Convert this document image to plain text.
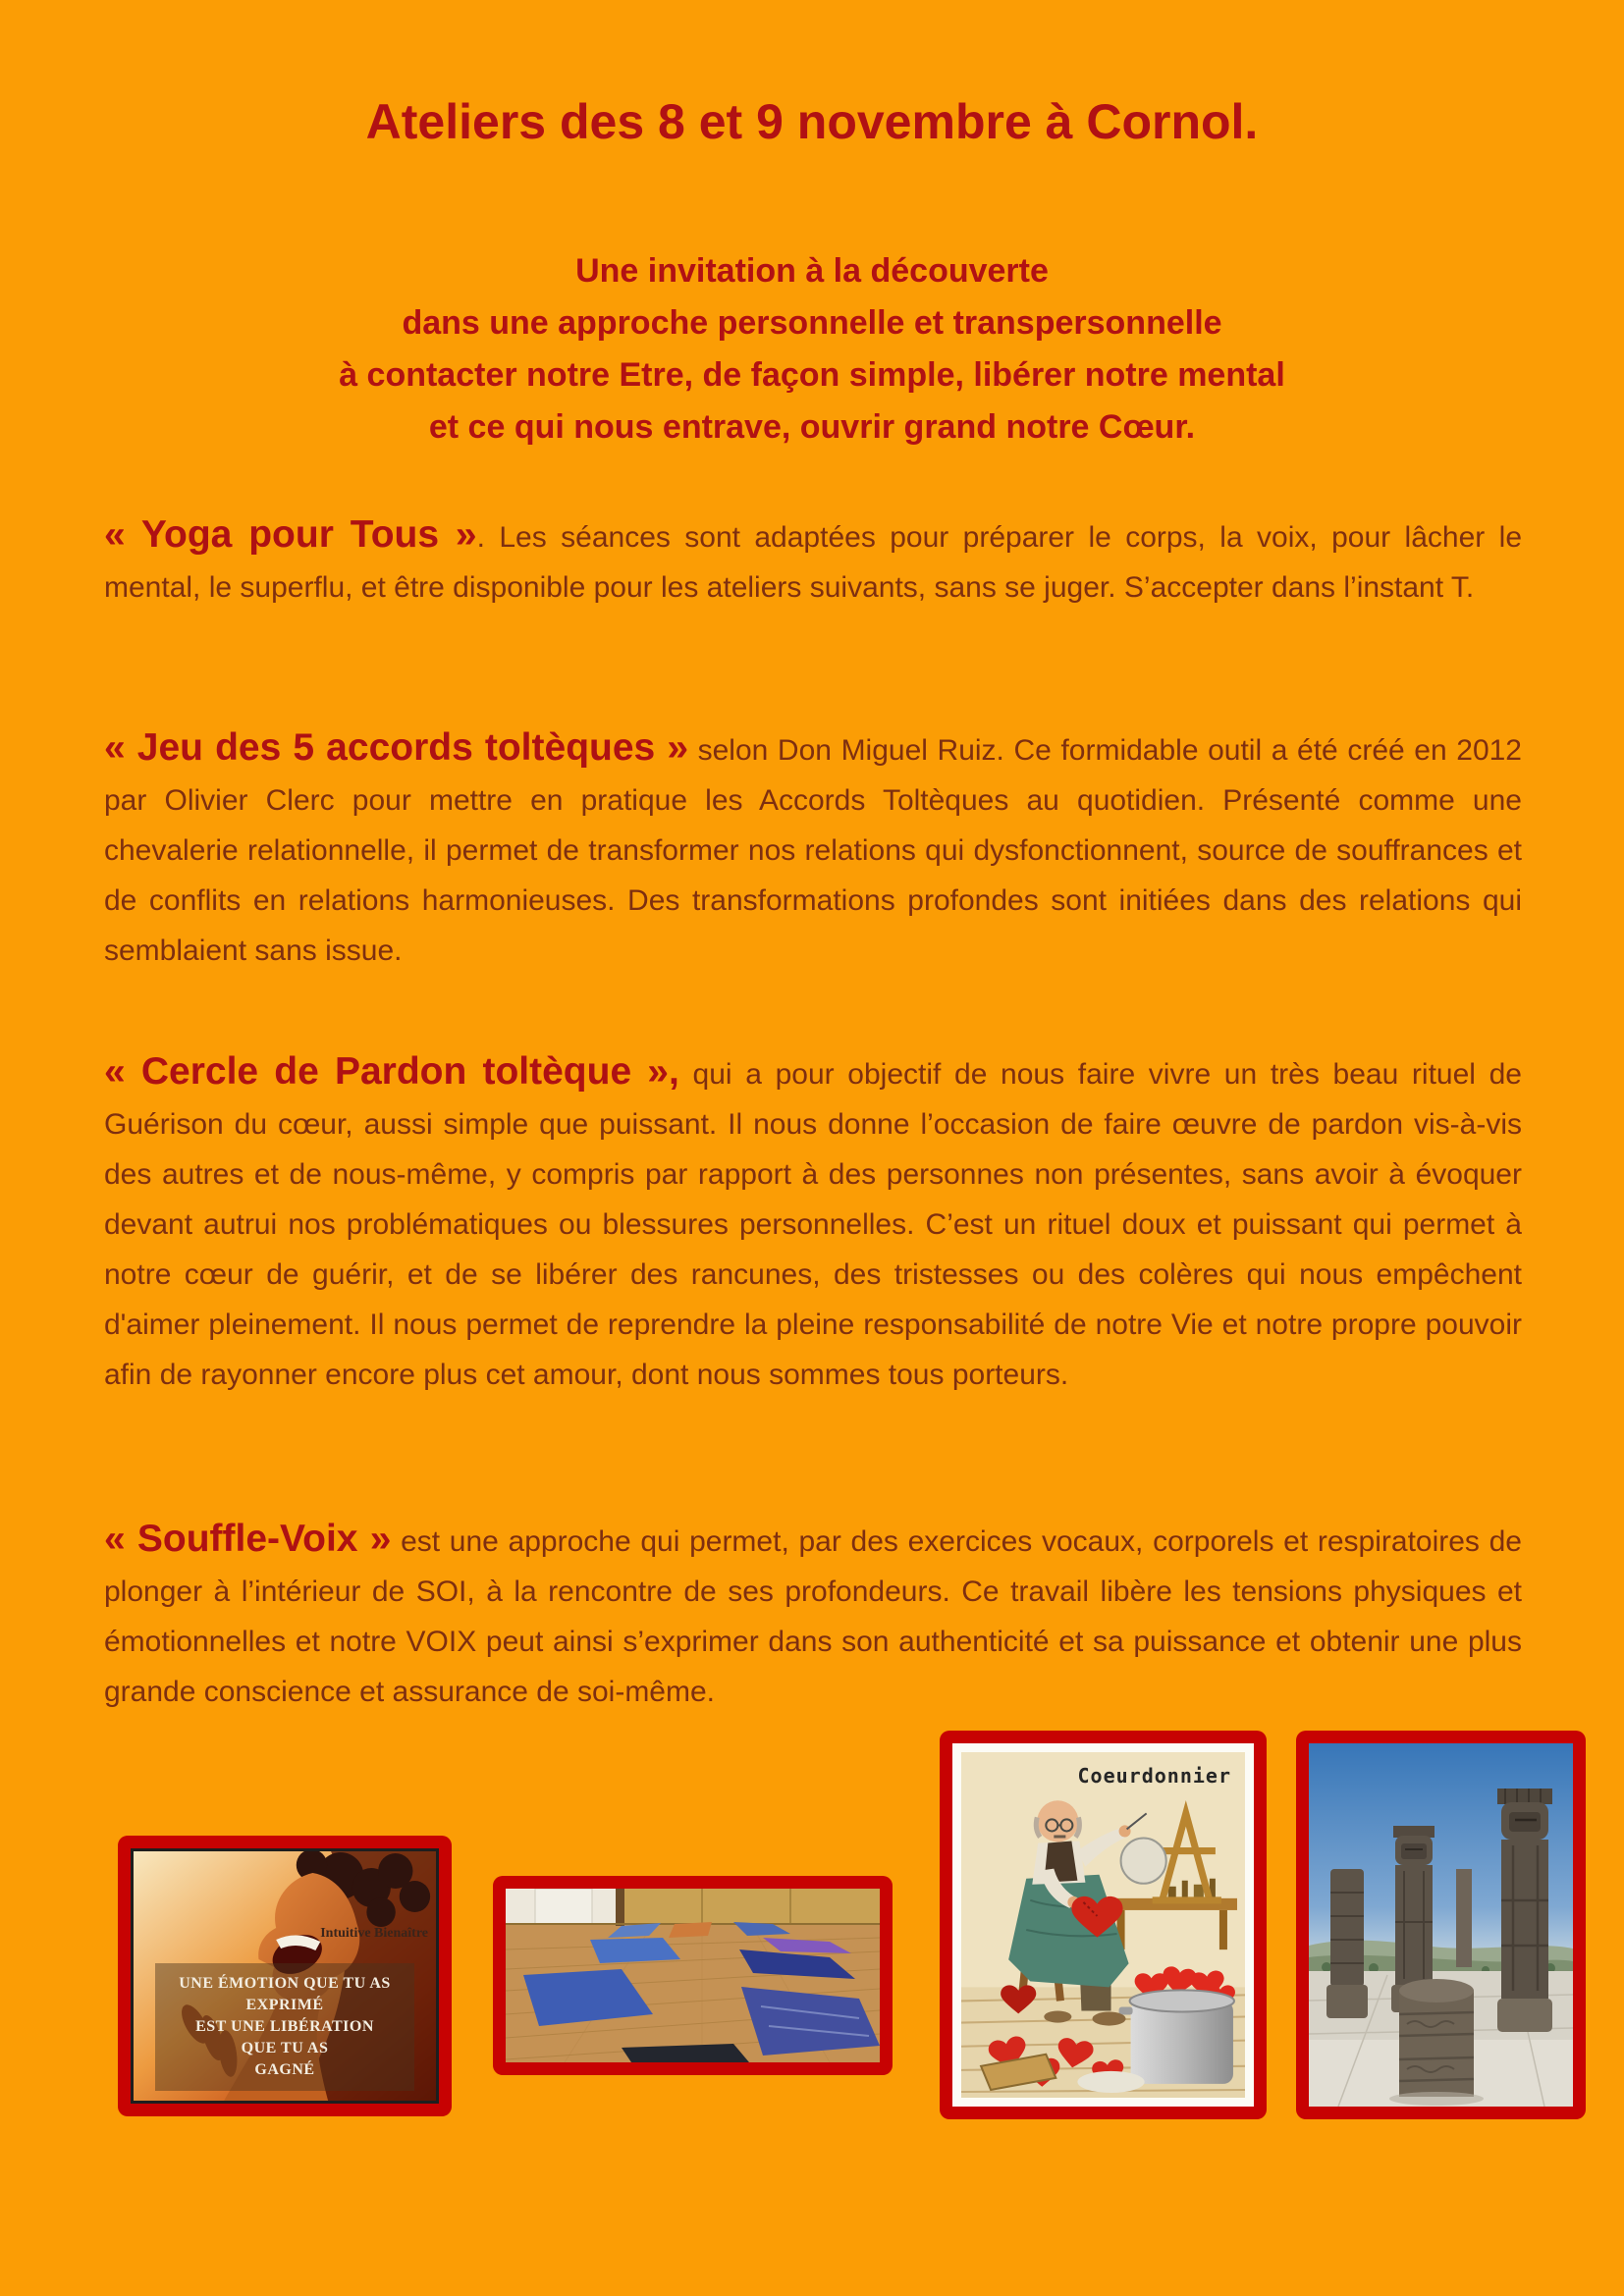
Ateliers des 8 et 9 novembre à Cornol.
Une invitation à la découverte
dans une approche personnelle et transpersonnelle
à contacter notre Etre, de façon simple, libérer notre mental
et ce qui nous entrave, ouvrir grand notre Cœur.
« Yoga pour Tous ». Les séances sont adaptées pour préparer le corps, la voix, pour lâcher le mental, le superflu, et être disponible pour les ateliers suivants, sans se juger. S’accepter dans l’instant T.
« Jeu des 5 accords toltèques » selon Don Miguel Ruiz. Ce formidable outil a été créé en 2012 par Olivier Clerc pour mettre en pratique les Accords Toltèques au quotidien. Présenté comme une chevalerie relationnelle, il permet de transformer nos relations qui dysfonctionnent, source de souffrances et de conflits en relations harmonieuses. Des transformations profondes sont initiées dans des relations qui semblaient sans issue.
« Cercle de Pardon toltèque », qui a pour objectif de nous faire vivre un très beau rituel de Guérison du cœur, aussi simple que puissant. Il nous donne l’occasion de faire œuvre de pardon vis-à-vis des autres et de nous-même, y compris par rapport à des personnes non présentes, sans avoir à évoquer devant autrui nos problématiques ou blessures personnelles. C’est un rituel doux et puissant qui permet à notre cœur de guérir, et de se libérer des rancunes, des tristesses ou des colères qui nous empêchent d'aimer pleinement. Il nous permet de reprendre la pleine responsabilité de notre Vie et notre propre pouvoir afin de rayonner encore plus cet amour, dont nous sommes tous porteurs.
« Souffle-Voix » est une approche qui permet, par des exercices vocaux, corporels et respiratoires de plonger à l’intérieur de SOI, à la rencontre de ses profondeurs. Ce travail libère les tensions physiques et émotionnelles et notre VOIX peut ainsi s’exprimer dans son authenticité et sa puissance et obtenir une plus grande conscience et assurance de soi-même.
Intuitive Bienaître
UNE ÉMOTION QUE TU AS
EXPRIMÉ
EST UNE LIBÉRATION
QUE TU AS
GAGNÉ
Coeurdonnier
